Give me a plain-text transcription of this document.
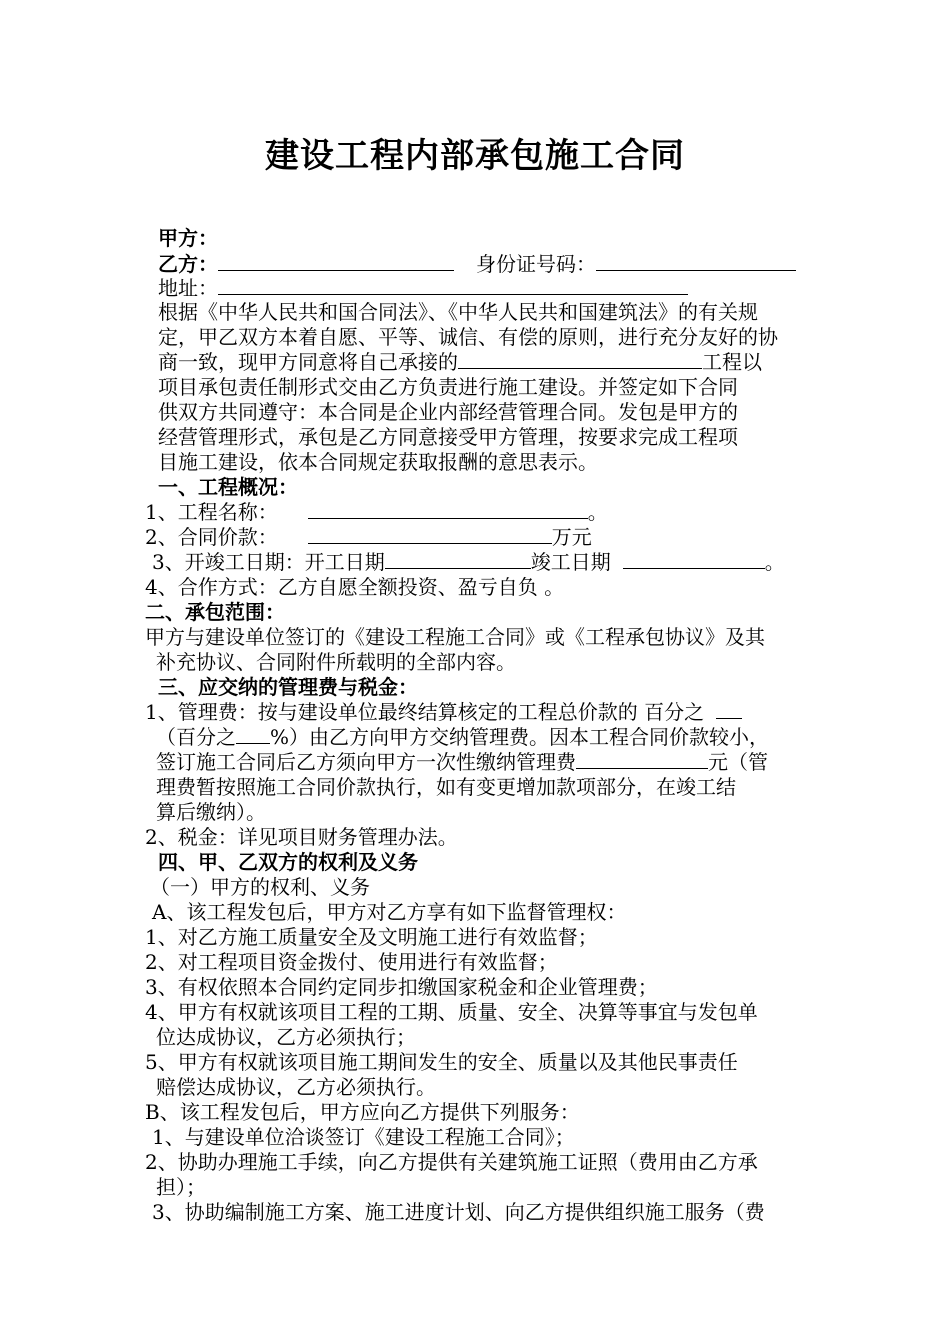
建设工程内部承包施工合同
甲方：
乙方：	身份证号码：
地址：
根据《中华人民共和国合同法》、《中华人民共和国建筑法》的有关规
定，甲乙双方本着自愿、平等、诚信、有偿的原则，进行充分友好的协
商一致，现甲方同意将自己承接的	工程以
项目承包责任制形式交由乙方负责进行施工建设。并签定如下合同
供双方共同遵守：本合同是企业内部经营管理合同。发包是甲方的
经营管理形式，承包是乙方同意接受甲方管理，按要求完成工程项
目施工建设，依本合同规定获取报酬的意思表示。
一、工程概况：
1、工程名称：	。
2、合同价款：	万元
3、开竣工日期：开工日期	竣工日期	。
4、合作方式：乙方自愿全额投资、盈亏自负 。
二、承包范围：
甲方与建设单位签订的《建设工程施工合同》或《工程承包协议》及其
补充协议、合同附件所载明的全部内容。
三、应交纳的管理费与税金：
1、管理费：按与建设单位最终结算核定的工程总价款的 百分之
（百分之 %）由乙方向甲方交纳管理费。因本工程合同价款较小，
签订施工合同后乙方须向甲方一次性缴纳管理费	元（管
理费暂按照施工合同价款执行，如有变更增加款项部分，在竣工结
算后缴纳）。
2、税金：详见项目财务管理办法。
四、甲、乙双方的权利及义务
（一）甲方的权利、义务
A、该工程发包后，甲方对乙方享有如下监督管理权：
1、对乙方施工质量安全及文明施工进行有效监督；
2、对工程项目资金拨付、使用进行有效监督；
3、有权依照本合同约定同步扣缴国家税金和企业管理费；
4、甲方有权就该项目工程的工期、质量、安全、决算等事宜与发包单
位达成协议，乙方必须执行；
5、甲方有权就该项目施工期间发生的安全、质量以及其他民事责任
赔偿达成协议，乙方必须执行。
B、该工程发包后，甲方应向乙方提供下列服务：
1、与建设单位洽谈签订《建设工程施工合同》；
2、协助办理施工手续，向乙方提供有关建筑施工证照（费用由乙方承
担）；
3、协助编制施工方案、施工进度计划、向乙方提供组织施工服务（费
